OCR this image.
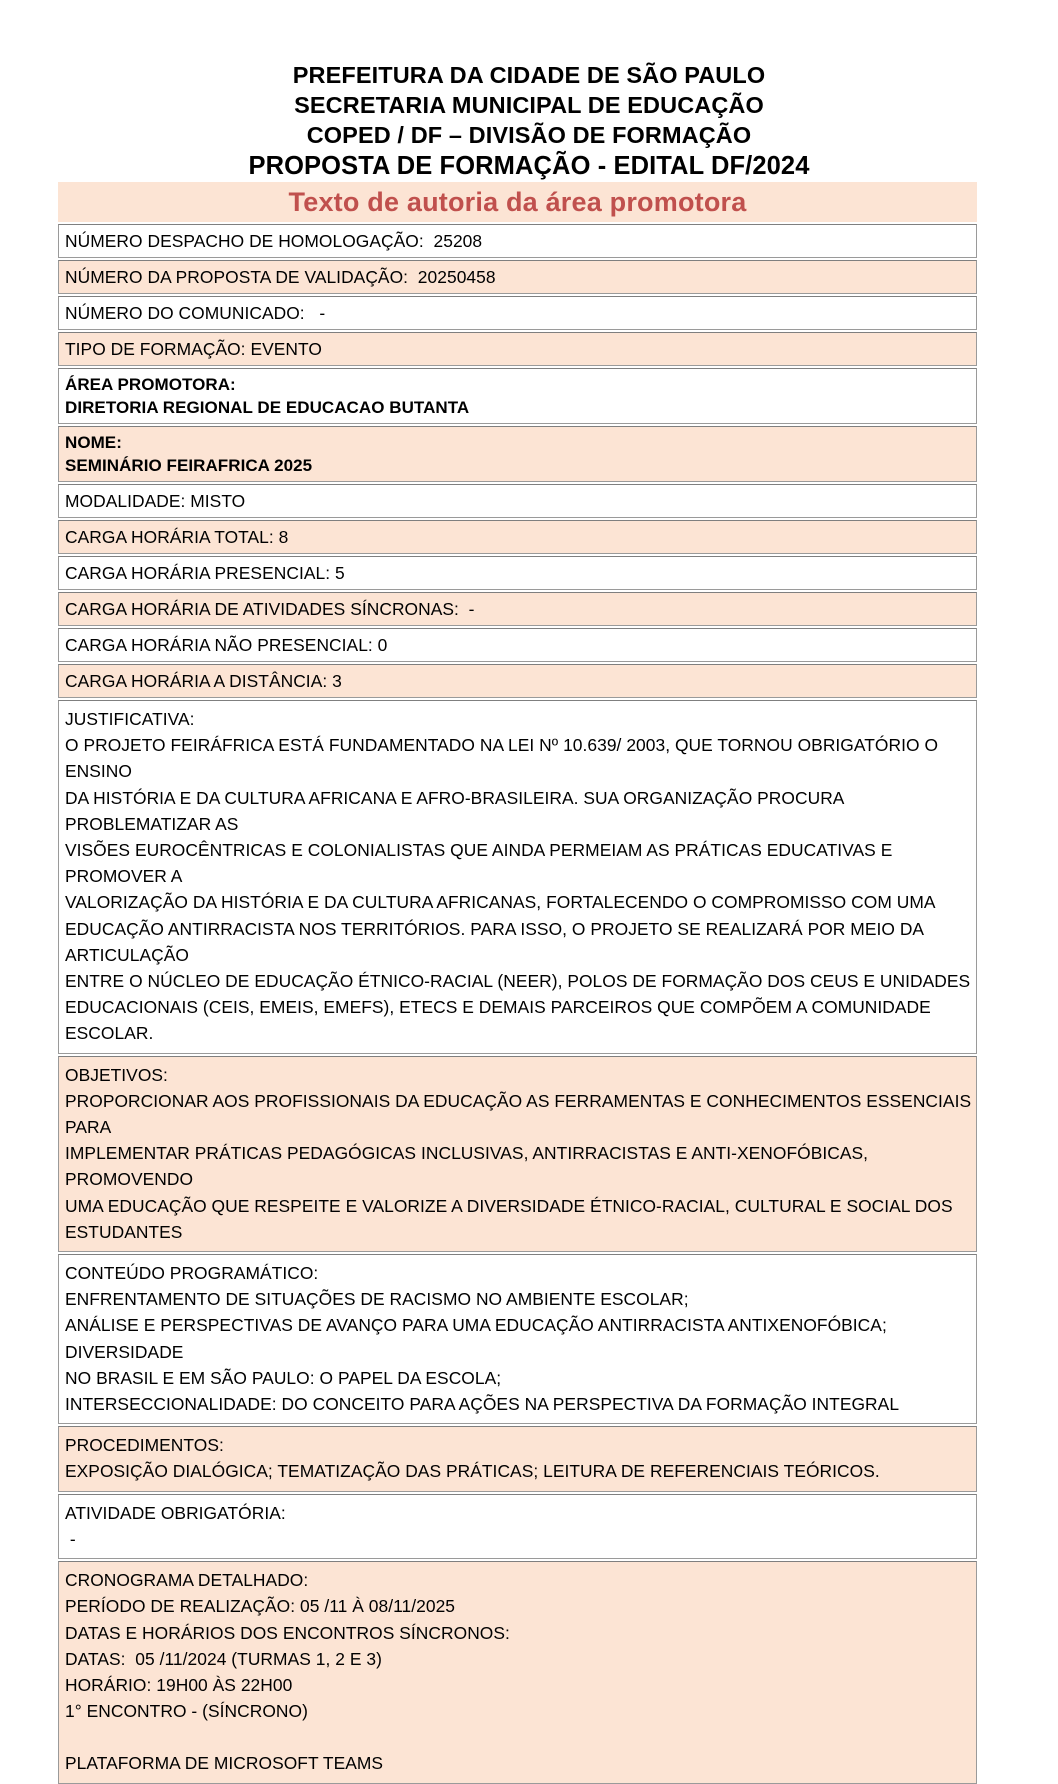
PREFEITURA DA CIDADE DE SÃO PAULO
SECRETARIA MUNICIPAL DE EDUCAÇÃO
COPED / DF – DIVISÃO DE FORMAÇÃO
PROPOSTA DE FORMAÇÃO - EDITAL DF/2024
Texto de autoria da área promotora
NÚMERO DESPACHO DE HOMOLOGAÇÃO:  25208
NÚMERO DA PROPOSTA DE VALIDAÇÃO:  20250458
NÚMERO DO COMUNICADO:   -
TIPO DE FORMAÇÃO: EVENTO
ÁREA PROMOTORA:
DIRETORIA REGIONAL DE EDUCACAO BUTANTA
NOME:
SEMINÁRIO FEIRAFRICA 2025
MODALIDADE: MISTO
CARGA HORÁRIA TOTAL: 8
CARGA HORÁRIA PRESENCIAL: 5
CARGA HORÁRIA DE ATIVIDADES SÍNCRONAS:  -
CARGA HORÁRIA NÃO PRESENCIAL: 0
CARGA HORÁRIA A DISTÂNCIA: 3
JUSTIFICATIVA:
O PROJETO FEIRÁFRICA ESTÁ FUNDAMENTADO NA LEI Nº 10.639/ 2003, QUE TORNOU OBRIGATÓRIO O ENSINO
DA HISTÓRIA E DA CULTURA AFRICANA E AFRO-BRASILEIRA. SUA ORGANIZAÇÃO PROCURA PROBLEMATIZAR AS
VISÕES EUROCÊNTRICAS E COLONIALISTAS QUE AINDA PERMEIAM AS PRÁTICAS EDUCATIVAS E PROMOVER A
VALORIZAÇÃO DA HISTÓRIA E DA CULTURA AFRICANAS, FORTALECENDO O COMPROMISSO COM UMA
EDUCAÇÃO ANTIRRACISTA NOS TERRITÓRIOS. PARA ISSO, O PROJETO SE REALIZARÁ POR MEIO DA ARTICULAÇÃO
ENTRE O NÚCLEO DE EDUCAÇÃO ÉTNICO-RACIAL (NEER), POLOS DE FORMAÇÃO DOS CEUS E UNIDADES
EDUCACIONAIS (CEIS, EMEIS, EMEFS), ETECS E DEMAIS PARCEIROS QUE COMPÕEM A COMUNIDADE ESCOLAR.
OBJETIVOS:
PROPORCIONAR AOS PROFISSIONAIS DA EDUCAÇÃO AS FERRAMENTAS E CONHECIMENTOS ESSENCIAIS PARA
IMPLEMENTAR PRÁTICAS PEDAGÓGICAS INCLUSIVAS, ANTIRRACISTAS E ANTI-XENOFÓBICAS, PROMOVENDO
UMA EDUCAÇÃO QUE RESPEITE E VALORIZE A DIVERSIDADE ÉTNICO-RACIAL, CULTURAL E SOCIAL DOS
ESTUDANTES
CONTEÚDO PROGRAMÁTICO:
ENFRENTAMENTO DE SITUAÇÕES DE RACISMO NO AMBIENTE ESCOLAR;
ANÁLISE E PERSPECTIVAS DE AVANÇO PARA UMA EDUCAÇÃO ANTIRRACISTA ANTIXENOFÓBICA; DIVERSIDADE
NO BRASIL E EM SÃO PAULO: O PAPEL DA ESCOLA;
INTERSECCIONALIDADE: DO CONCEITO PARA AÇÕES NA PERSPECTIVA DA FORMAÇÃO INTEGRAL
PROCEDIMENTOS:
EXPOSIÇÃO DIALÓGICA; TEMATIZAÇÃO DAS PRÁTICAS; LEITURA DE REFERENCIAIS TEÓRICOS.
ATIVIDADE OBRIGATÓRIA:
-
CRONOGRAMA DETALHADO:
PERÍODO DE REALIZAÇÃO: 05 /11 À 08/11/2025
DATAS E HORÁRIOS DOS ENCONTROS SÍNCRONOS:
DATAS:  05 /11/2024 (TURMAS 1, 2 E 3)
HORÁRIO: 19H00 ÀS 22H00
1° ENCONTRO - (SÍNCRONO)

PLATAFORMA DE MICROSOFT TEAMS
